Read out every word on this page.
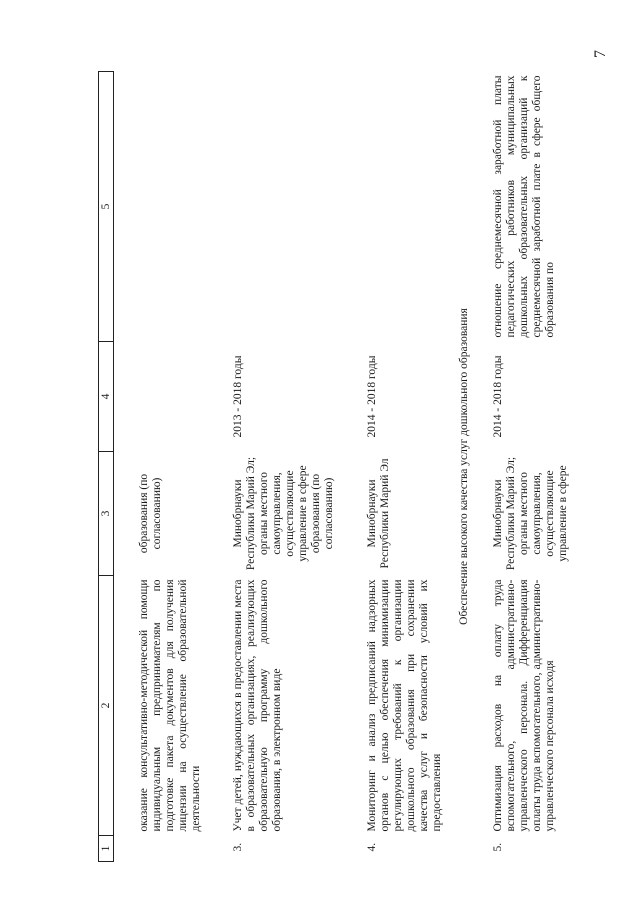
7
1	2	3	4	5
	оказание консультативно-методической помощи индивидуальным предпринимателям по подготовке пакета документов для получения лицензии на осуществление образовательной деятельности	образования (по согласованию)		
3.	Учет детей, нуждающихся в предоставлении места в образовательных организациях, реализующих образовательную программу дошкольного образования, в электронном виде	Минобрнауки Республики Марий Эл; органы местного самоуправления, осуществляющие управление в сфере образования (по согласованию)	2013 - 2018 годы	
4.	Мониторинг и анализ предписаний надзорных органов с целью обеспечения минимизации регулирующих требований к организации дошкольного образования при сохранении качества услуг и безопасности условий их предоставления	Минобрнауки Республики Марий Эл	2014 - 2018 годы	
Обеспечение высокого качества услуг дошкольного образования				
5.	Оптимизация расходов на оплату труда вспомогательного, административно-управленческого персонала. Дифференциация оплаты труда вспомогательного, административно-управленческого персонала исходя	Минобрнауки Республики Марий Эл; органы местного самоуправления, осуществляющие управление в сфере	2014 - 2018 годы	отношение среднемесячной заработной платы педагогических работников муниципальных дошкольных образовательных организаций к среднемесячной заработной плате в сфере общего образования по
